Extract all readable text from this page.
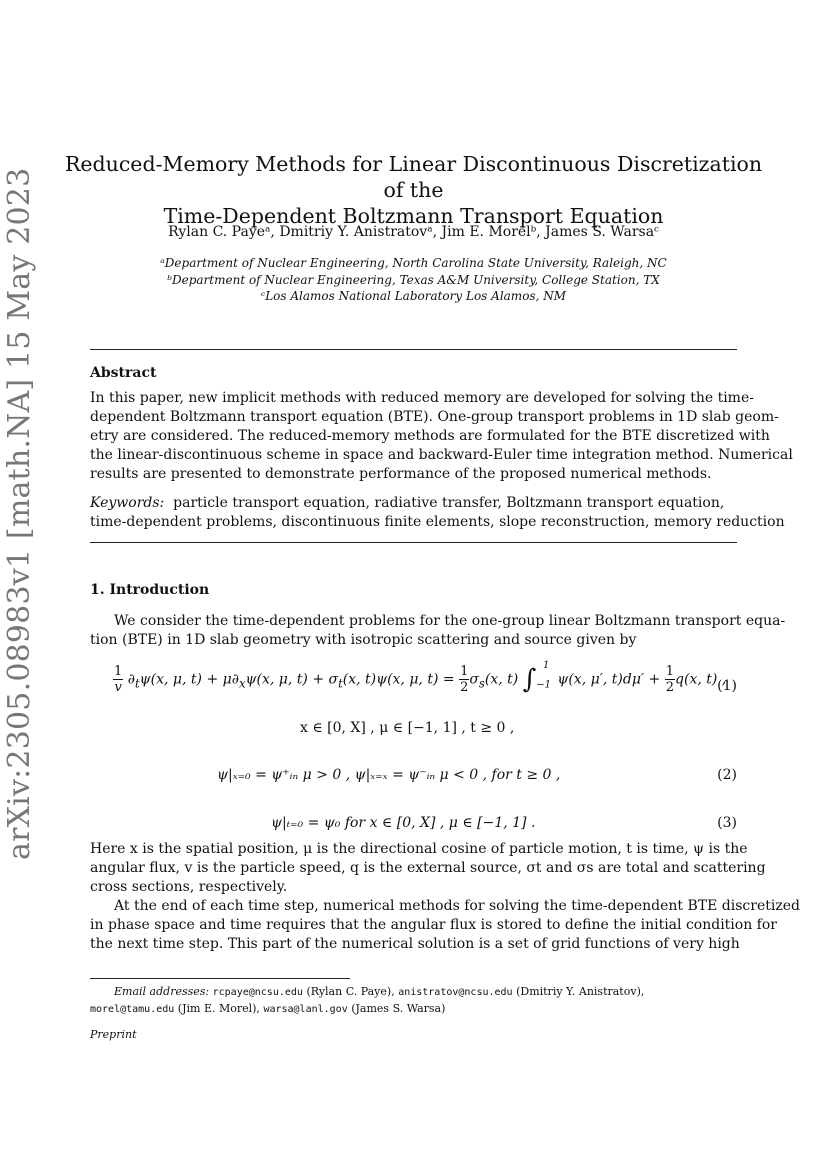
arXiv:2305.08983v1 [math.NA] 15 May 2023
Reduced-Memory Methods for Linear Discontinuous Discretization of the
Time-Dependent Boltzmann Transport Equation
Rylan C. Payeᵃ, Dmitriy Y. Anistratovᵃ, Jim E. Morelᵇ, James S. Warsaᶜ
ᵃDepartment of Nuclear Engineering, North Carolina State University, Raleigh, NC
ᵇDepartment of Nuclear Engineering, Texas A&M University, College Station, TX
ᶜLos Alamos National Laboratory Los Alamos, NM
Abstract
In this paper, new implicit methods with reduced memory are developed for solving the time-
dependent Boltzmann transport equation (BTE). One-group transport problems in 1D slab geom-
etry are considered. The reduced-memory methods are formulated for the BTE discretized with
the linear-discontinuous scheme in space and backward-Euler time integration method. Numerical
results are presented to demonstrate performance of the proposed numerical methods.
Keywords: particle transport equation, radiative transfer, Boltzmann transport equation,
time-dependent problems, discontinuous finite elements, slope reconstruction, memory reduction
1. Introduction
We consider the time-dependent problems for the one-group linear Boltzmann transport equa-
tion (BTE) in 1D slab geometry with isotropic scattering and source given by
$\frac{1}{v} \partial_t\psi(x$, μ, $t) + \mu\partial_x\psi(x$, μ, $t) + \sigma_t(x$, t)ψ(x, μ, $t) = \frac{1}{2} \sigma_s(x$, t) $\int_{-1}^1\psi(x$, μ′, $t)d\mu' + \frac{1}{2} q(x$, t) ,
(1)
x ∈ [0, X] , μ ∈ [−1, 1] , t ≥ 0 ,
ψ|ₓ₌₀ = ψ⁺ᵢₙ μ > 0 , ψ|ₓ₌ₓ = ψ⁻ᵢₙ μ < 0 , for t ≥ 0 ,	(2)
ψ|ₜ₌₀ = ψ₀ for x ∈ [0, X] , μ ∈ [−1, 1] .	(3)
Here x is the spatial position, μ is the directional cosine of particle motion, t is time, ψ is the
angular flux, v is the particle speed, q is the external source, σt and σs are total and scattering
cross sections, respectively.
At the end of each time step, numerical methods for solving the time-dependent BTE discretized
in phase space and time requires that the angular flux is stored to define the initial condition for
the next time step. This part of the numerical solution is a set of grid functions of very high
Email addresses: rcpaye@ncsu.edu (Rylan C. Paye), anistratov@ncsu.edu (Dmitriy Y. Anistratov),
morel@tamu.edu (Jim E. Morel), warsa@lanl.gov (James S. Warsa)
Preprint
